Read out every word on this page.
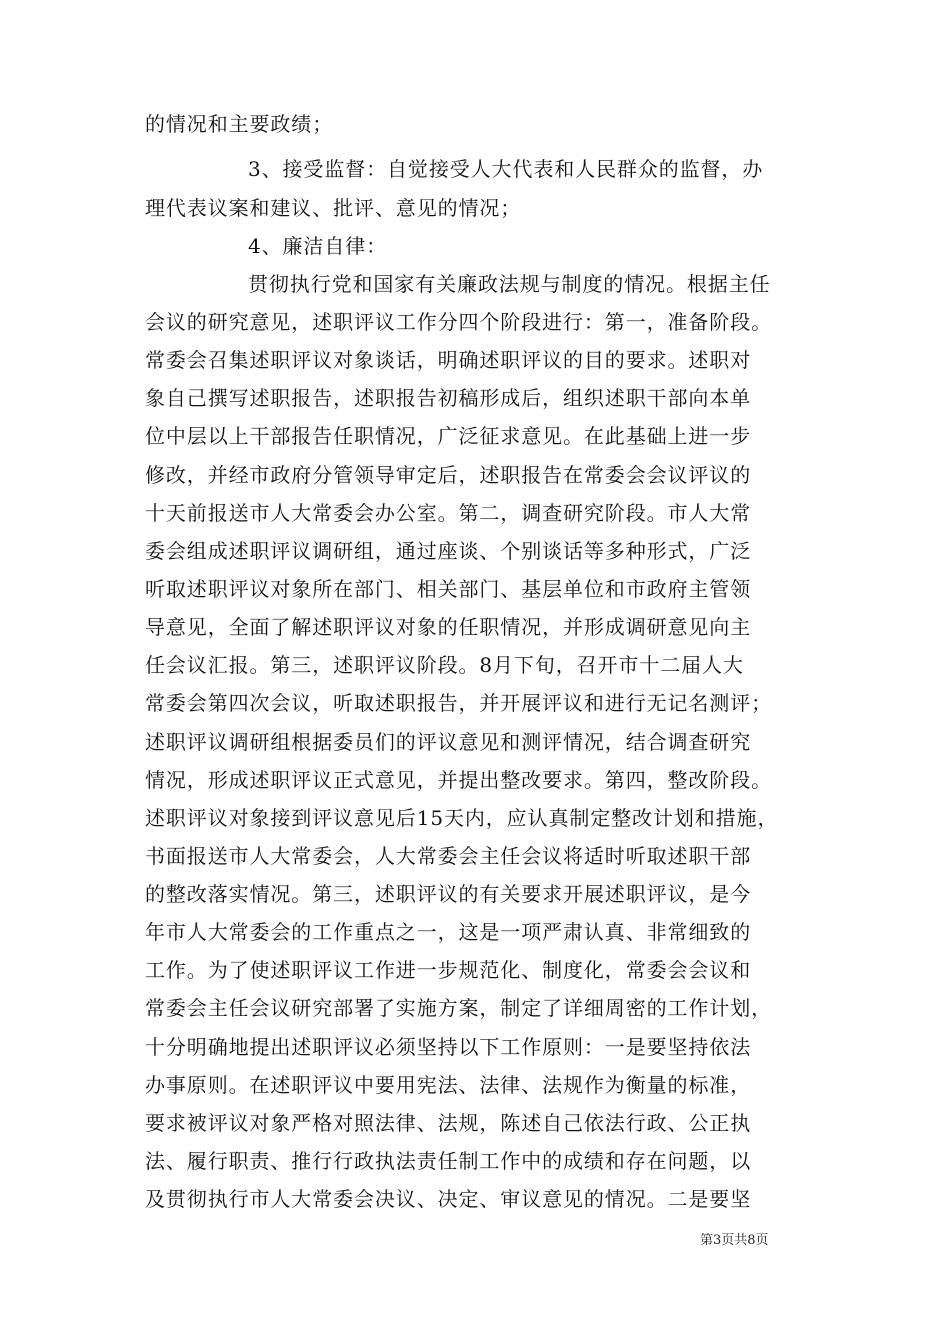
的情况和主要政绩；
3、接受监督：自觉接受人大代表和人民群众的监督，办
理代表议案和建议、批评、意见的情况；
4、廉洁自律：
贯彻执行党和国家有关廉政法规与制度的情况。根据主任
会议的研究意见，述职评议工作分四个阶段进行：第一，准备阶段。
常委会召集述职评议对象谈话，明确述职评议的目的要求。述职对
象自己撰写述职报告，述职报告初稿形成后，组织述职干部向本单
位中层以上干部报告任职情况，广泛征求意见。在此基础上进一步
修改，并经市政府分管领导审定后，述职报告在常委会会议评议的
十天前报送市人大常委会办公室。第二，调查研究阶段。市人大常
委会组成述职评议调研组，通过座谈、个别谈话等多种形式，广泛
听取述职评议对象所在部门、相关部门、基层单位和市政府主管领
导意见，全面了解述职评议对象的任职情况，并形成调研意见向主
任会议汇报。第三，述职评议阶段。8月下旬，召开市十二届人大
常委会第四次会议，听取述职报告，并开展评议和进行无记名测评；
述职评议调研组根据委员们的评议意见和测评情况，结合调查研究
情况，形成述职评议正式意见，并提出整改要求。第四，整改阶段。
述职评议对象接到评议意见后15天内，应认真制定整改计划和措施，
书面报送市人大常委会，人大常委会主任会议将适时听取述职干部
的整改落实情况。第三，述职评议的有关要求开展述职评议，是今
年市人大常委会的工作重点之一，这是一项严肃认真、非常细致的
工作。为了使述职评议工作进一步规范化、制度化，常委会会议和
常委会主任会议研究部署了实施方案，制定了详细周密的工作计划，
十分明确地提出述职评议必须坚持以下工作原则：一是要坚持依法
办事原则。在述职评议中要用宪法、法律、法规作为衡量的标准，
要求被评议对象严格对照法律、法规，陈述自己依法行政、公正执
法、履行职责、推行行政执法责任制工作中的成绩和存在问题，以
及贯彻执行市人大常委会决议、决定、审议意见的情况。二是要坚
第3页共8页
